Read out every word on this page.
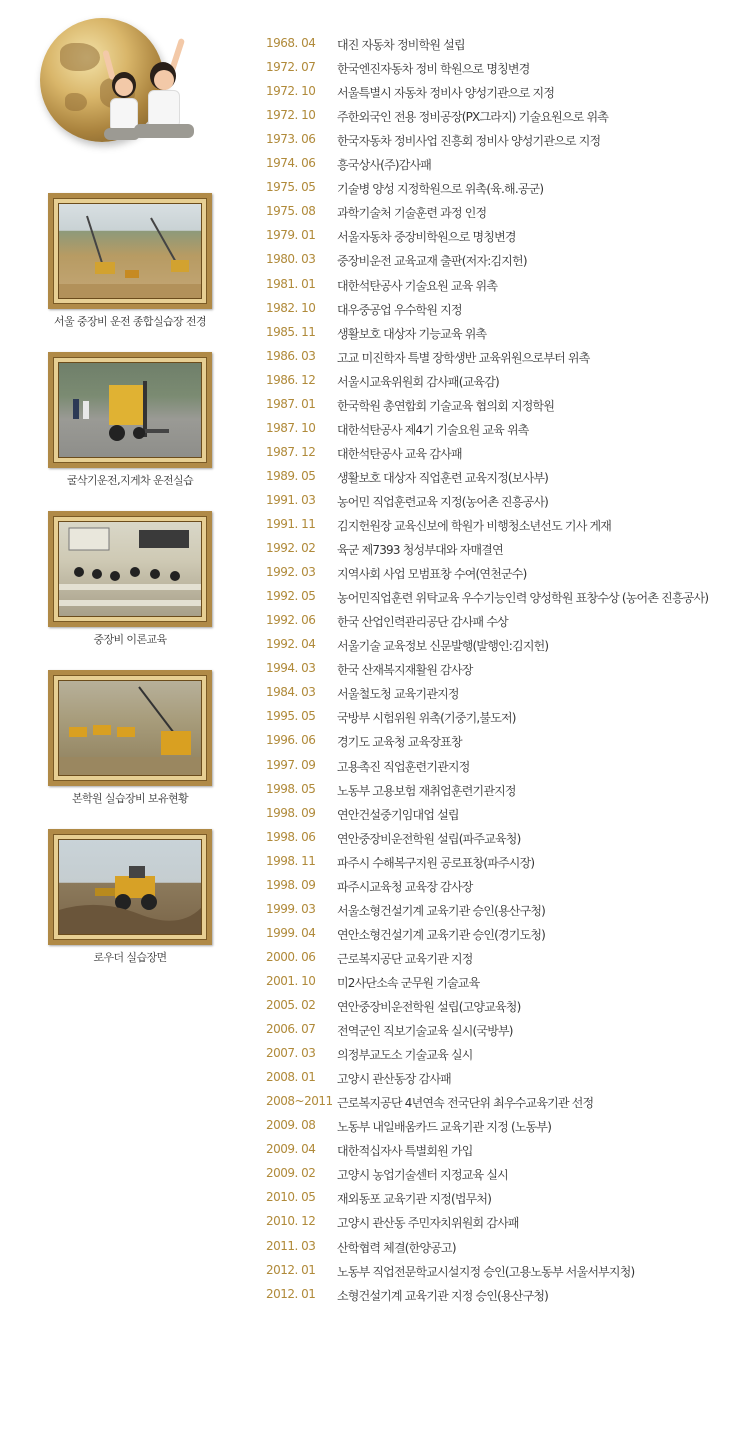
서울 중장비 운전 종합실습장 전경
굴삭기운전,지게차 운전실습
중장비 이론교육
본학원 실습장비 보유현황
로우더 실습장면
1968. 04 대진 자동차 정비학원 설립
1972. 07 한국엔진자동차 정비 학원으로 명칭변경
1972. 10 서울특별시 자동차 정비사 양성기관으로 지정
1972. 10 주한외국인 전용 정비공장(PX그라지) 기술요원으로 위촉
1973. 06 한국자동차 정비사업 진흥회 정비사 양성기관으로 지정
1974. 06 흥국상사(주)감사패
1975. 05 기술병 양성 지정학원으로 위촉(육.해.공군)
1975. 08 과학기술처 기술훈련 과정 인정
1979. 01 서울자동차 중장비학원으로 명칭변경
1980. 03 중장비운전 교육교재 출판(저자:김지헌)
1981. 01 대한석탄공사 기술요원 교육 위촉
1982. 10 대우중공업 우수학원 지정
1985. 11 생활보호 대상자 기능교육 위촉
1986. 03 고교 미진학자 특별 장학생반 교육위원으로부터 위촉
1986. 12 서울시교육위원회 감사패(교육감)
1987. 01 한국학원 총연합회 기술교육 협의회 지정학원
1987. 10 대한석탄공사 제4기 기술요원 교육 위촉
1987. 12 대한석탄공사 교육 감사패
1989. 05 생활보호 대상자 직업훈련 교육지정(보사부)
1991. 03 농어민 직업훈련교육 지정(농어촌 진흥공사)
1991. 11 김지헌원장 교육신보에 학원가 비행청소년선도 기사 게재
1992. 02 육군 제7393 청성부대와 자매결연
1992. 03 지역사회 사업 모범표창 수여(연천군수)
1992. 05 농어민직업훈련 위탁교육 우수기능인력 양성학원 표창수상 (농어촌 진흥공사)
1992. 06 한국 산업인력관리공단 감사패 수상
1992. 04 서울기술 교육정보 신문발행(발행인:김지헌)
1994. 03 한국 산재복지재활원 감사장
1984. 03 서울철도청 교육기관지정
1995. 05 국방부 시험위원 위촉(기중기,불도저)
1996. 06 경기도 교육청 교육장표창
1997. 09 고용촉진 직업훈련기관지정
1998. 05 노동부 고용보험 재취업훈련기관지정
1998. 09 연안건설중기임대업 설립
1998. 06 연안중장비운전학원 설립(파주교육청)
1998. 11 파주시 수해복구지원 공로표창(파주시장)
1998. 09 파주시교육청 교육장 감사장
1999. 03 서울소형건설기계 교육기관 승인(용산구청)
1999. 04 연안소형건설기계 교육기관 승인(경기도청)
2000. 06 근로복지공단 교육기관 지정
2001. 10 미2사단소속 군무원 기술교육
2005. 02 연안중장비운전학원 설립(고양교육청)
2006. 07 전역군인 직보기술교육 실시(국방부)
2007. 03 의정부교도소 기술교육 실시
2008. 01 고양시 관산동장 감사패
2008~2011 근로복지공단 4년연속 전국단위 최우수교육기관 선정
2009. 08 노동부 내일배움카드 교육기관 지정 (노동부)
2009. 04 대한적십자사 특별회원 가입
2009. 02 고양시 농업기술센터 지정교육 실시
2010. 05 재외동포 교육기관 지정(법무처)
2010. 12 고양시 관산동 주민자치위원회 감사패
2011. 03 산학협력 체결(한양공고)
2012. 01 노동부 직업전문학교시설지정 승인(고용노동부 서울서부지청)
2012. 01 소형건설기계 교육기관 지정 승인(용산구청)
